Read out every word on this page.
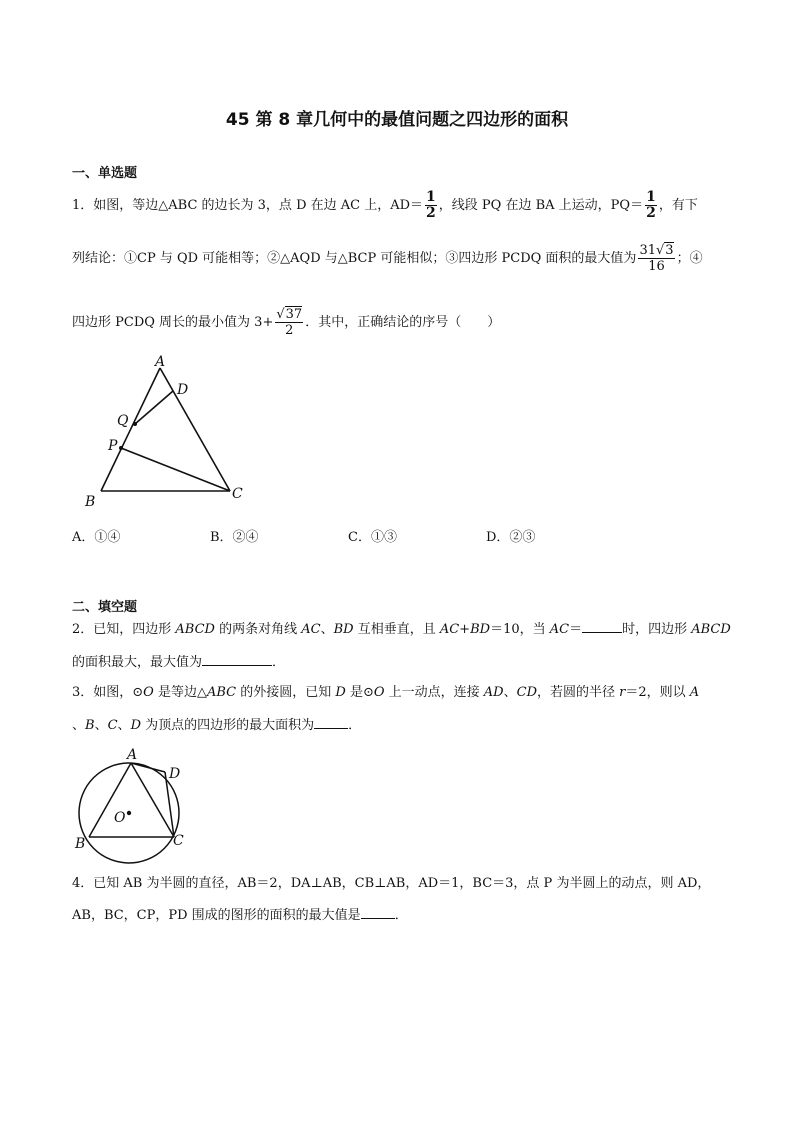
45 第 8 章几何中的最值问题之四边形的面积
一、单选题
1．如图，等边△ABC 的边长为 3，点 D 在边 AC 上，$AD= \frac{1}{2}$ ，线段 PQ 在边 BA 上运动，$PQ= \frac{1}{2}$ ，有下
列结论：①CP 与 QD 可能相等；②△AQD 与△BCP 可能相似；③四边形 PCDQ 面积的最大值为 $\frac{31√3}{16}$ ；④
四边形 PCDQ 周长的最小值为 $3+ \frac{√37}{2}$ ．其中，正确结论的序号（　　）
A
D
Q
P
B	C
A．①④	B．②④	C．①③	D．②③
二、填空题
2．已知，四边形 ABCD 的两条对角线 AC、BD 互相垂直，且 AC+BD＝10，当 AC＝	时，四边形 ABCD
的面积最大，最大值为	．
3．如图，⊙O 是等边△ABC 的外接圆，已知 D 是⊙O 上一动点，连接 AD、CD，若圆的半径 r＝2，则以 A
、B、C、D 为顶点的四边形的最大面积为	．
A
D
O
B	C
4．已知 AB 为半圆的直径，AB＝2，DA⊥AB，CB⊥AB，AD＝1，BC＝3，点 P 为半圆上的动点，则 AD，
AB，BC，CP，PD 围成的图形的面积的最大值是	．
